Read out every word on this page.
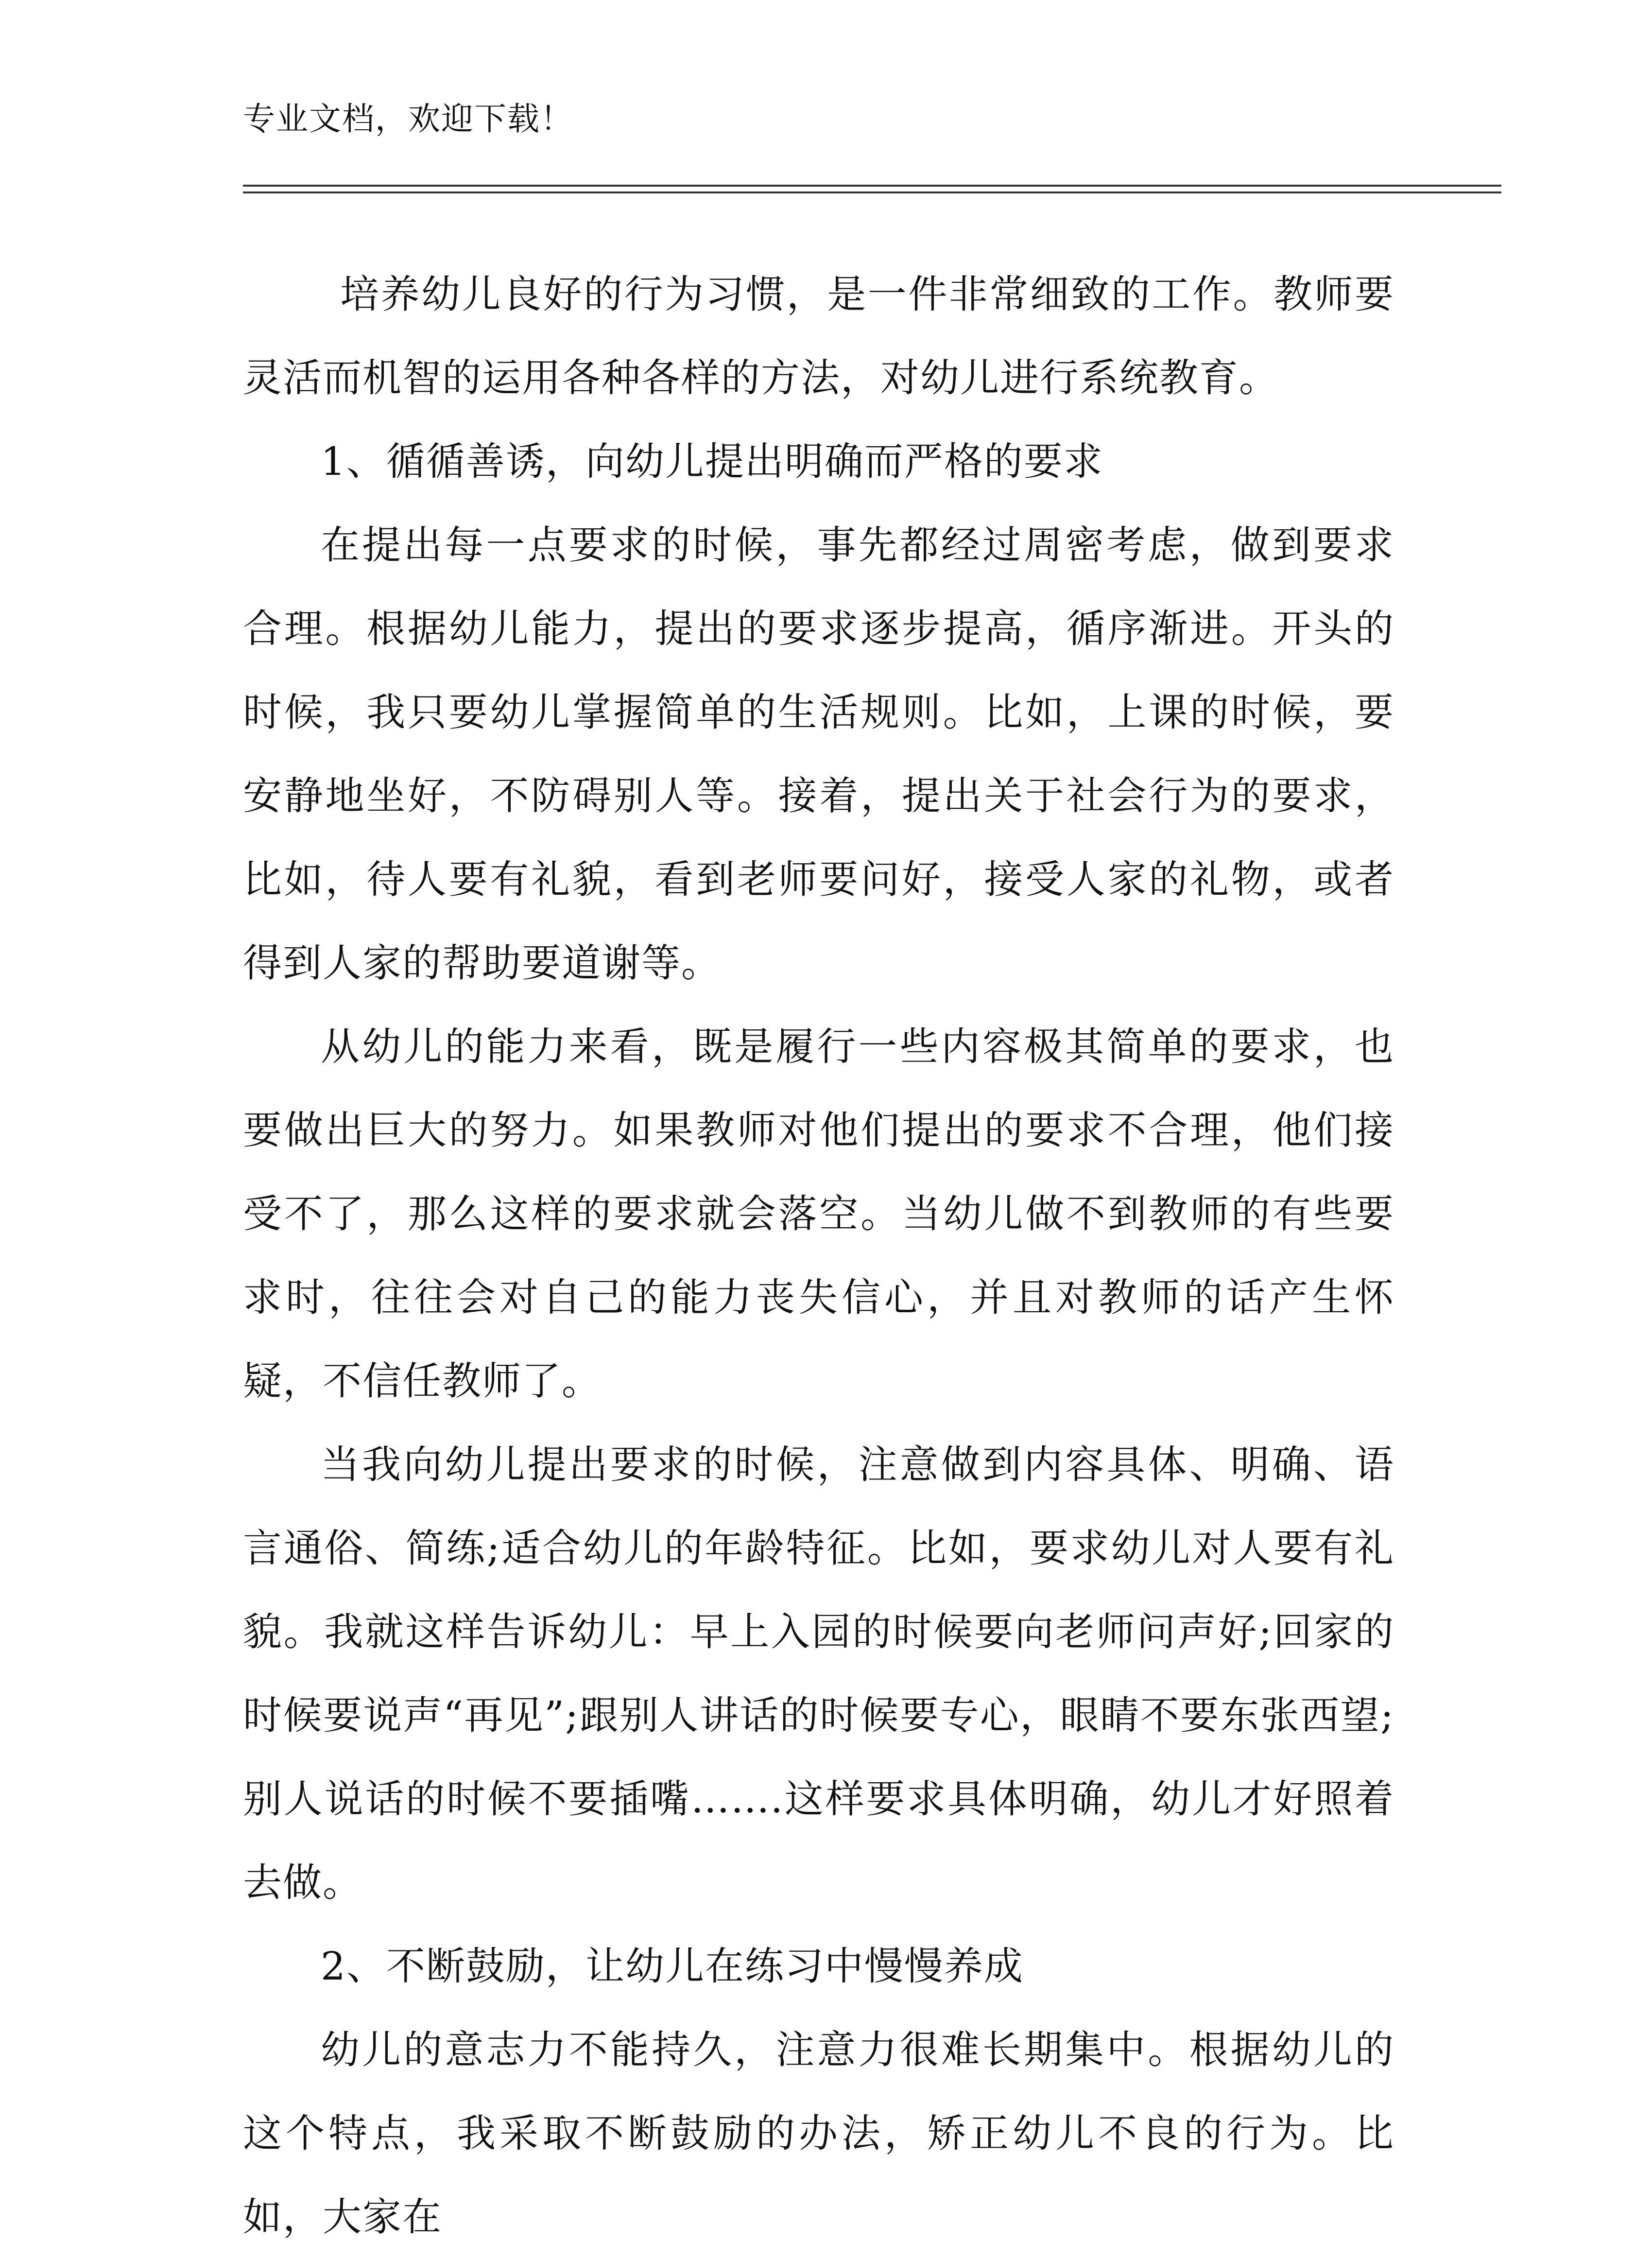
专业文档，欢迎下载！

培养幼儿良好的行为习惯，是一件非常细致的工作。教师要灵活而机智的运用各种各样的方法，对幼儿进行系统教育。

1、循循善诱，向幼儿提出明确而严格的要求

在提出每一点要求的时候，事先都经过周密考虑，做到要求合理。根据幼儿能力，提出的要求逐步提高，循序渐进。开头的时候，我只要幼儿掌握简单的生活规则。比如，上课的时候，要安静地坐好，不防碍别人等。接着，提出关于社会行为的要求，比如，待人要有礼貌，看到老师要问好，接受人家的礼物，或者得到人家的帮助要道谢等。

从幼儿的能力来看，既是履行一些内容极其简单的要求，也要做出巨大的努力。如果教师对他们提出的要求不合理，他们接受不了，那么这样的要求就会落空。当幼儿做不到教师的有些要求时，往往会对自己的能力丧失信心，并且对教师的话产生怀疑，不信任教师了。

当我向幼儿提出要求的时候，注意做到内容具体、明确、语言通俗、简练;适合幼儿的年龄特征。比如，要求幼儿对人要有礼貌。我就这样告诉幼儿：早上入园的时候要向老师问声好;回家的时候要说声“再见”;跟别人讲话的时候要专心，眼睛不要东张西望;别人说话的时候不要插嘴…….这样要求具体明确，幼儿才好照着去做。

2、不断鼓励，让幼儿在练习中慢慢养成

幼儿的意志力不能持久，注意力很难长期集中。根据幼儿的这个特点，我采取不断鼓励的办法，矫正幼儿不良的行为。比如，大家在
